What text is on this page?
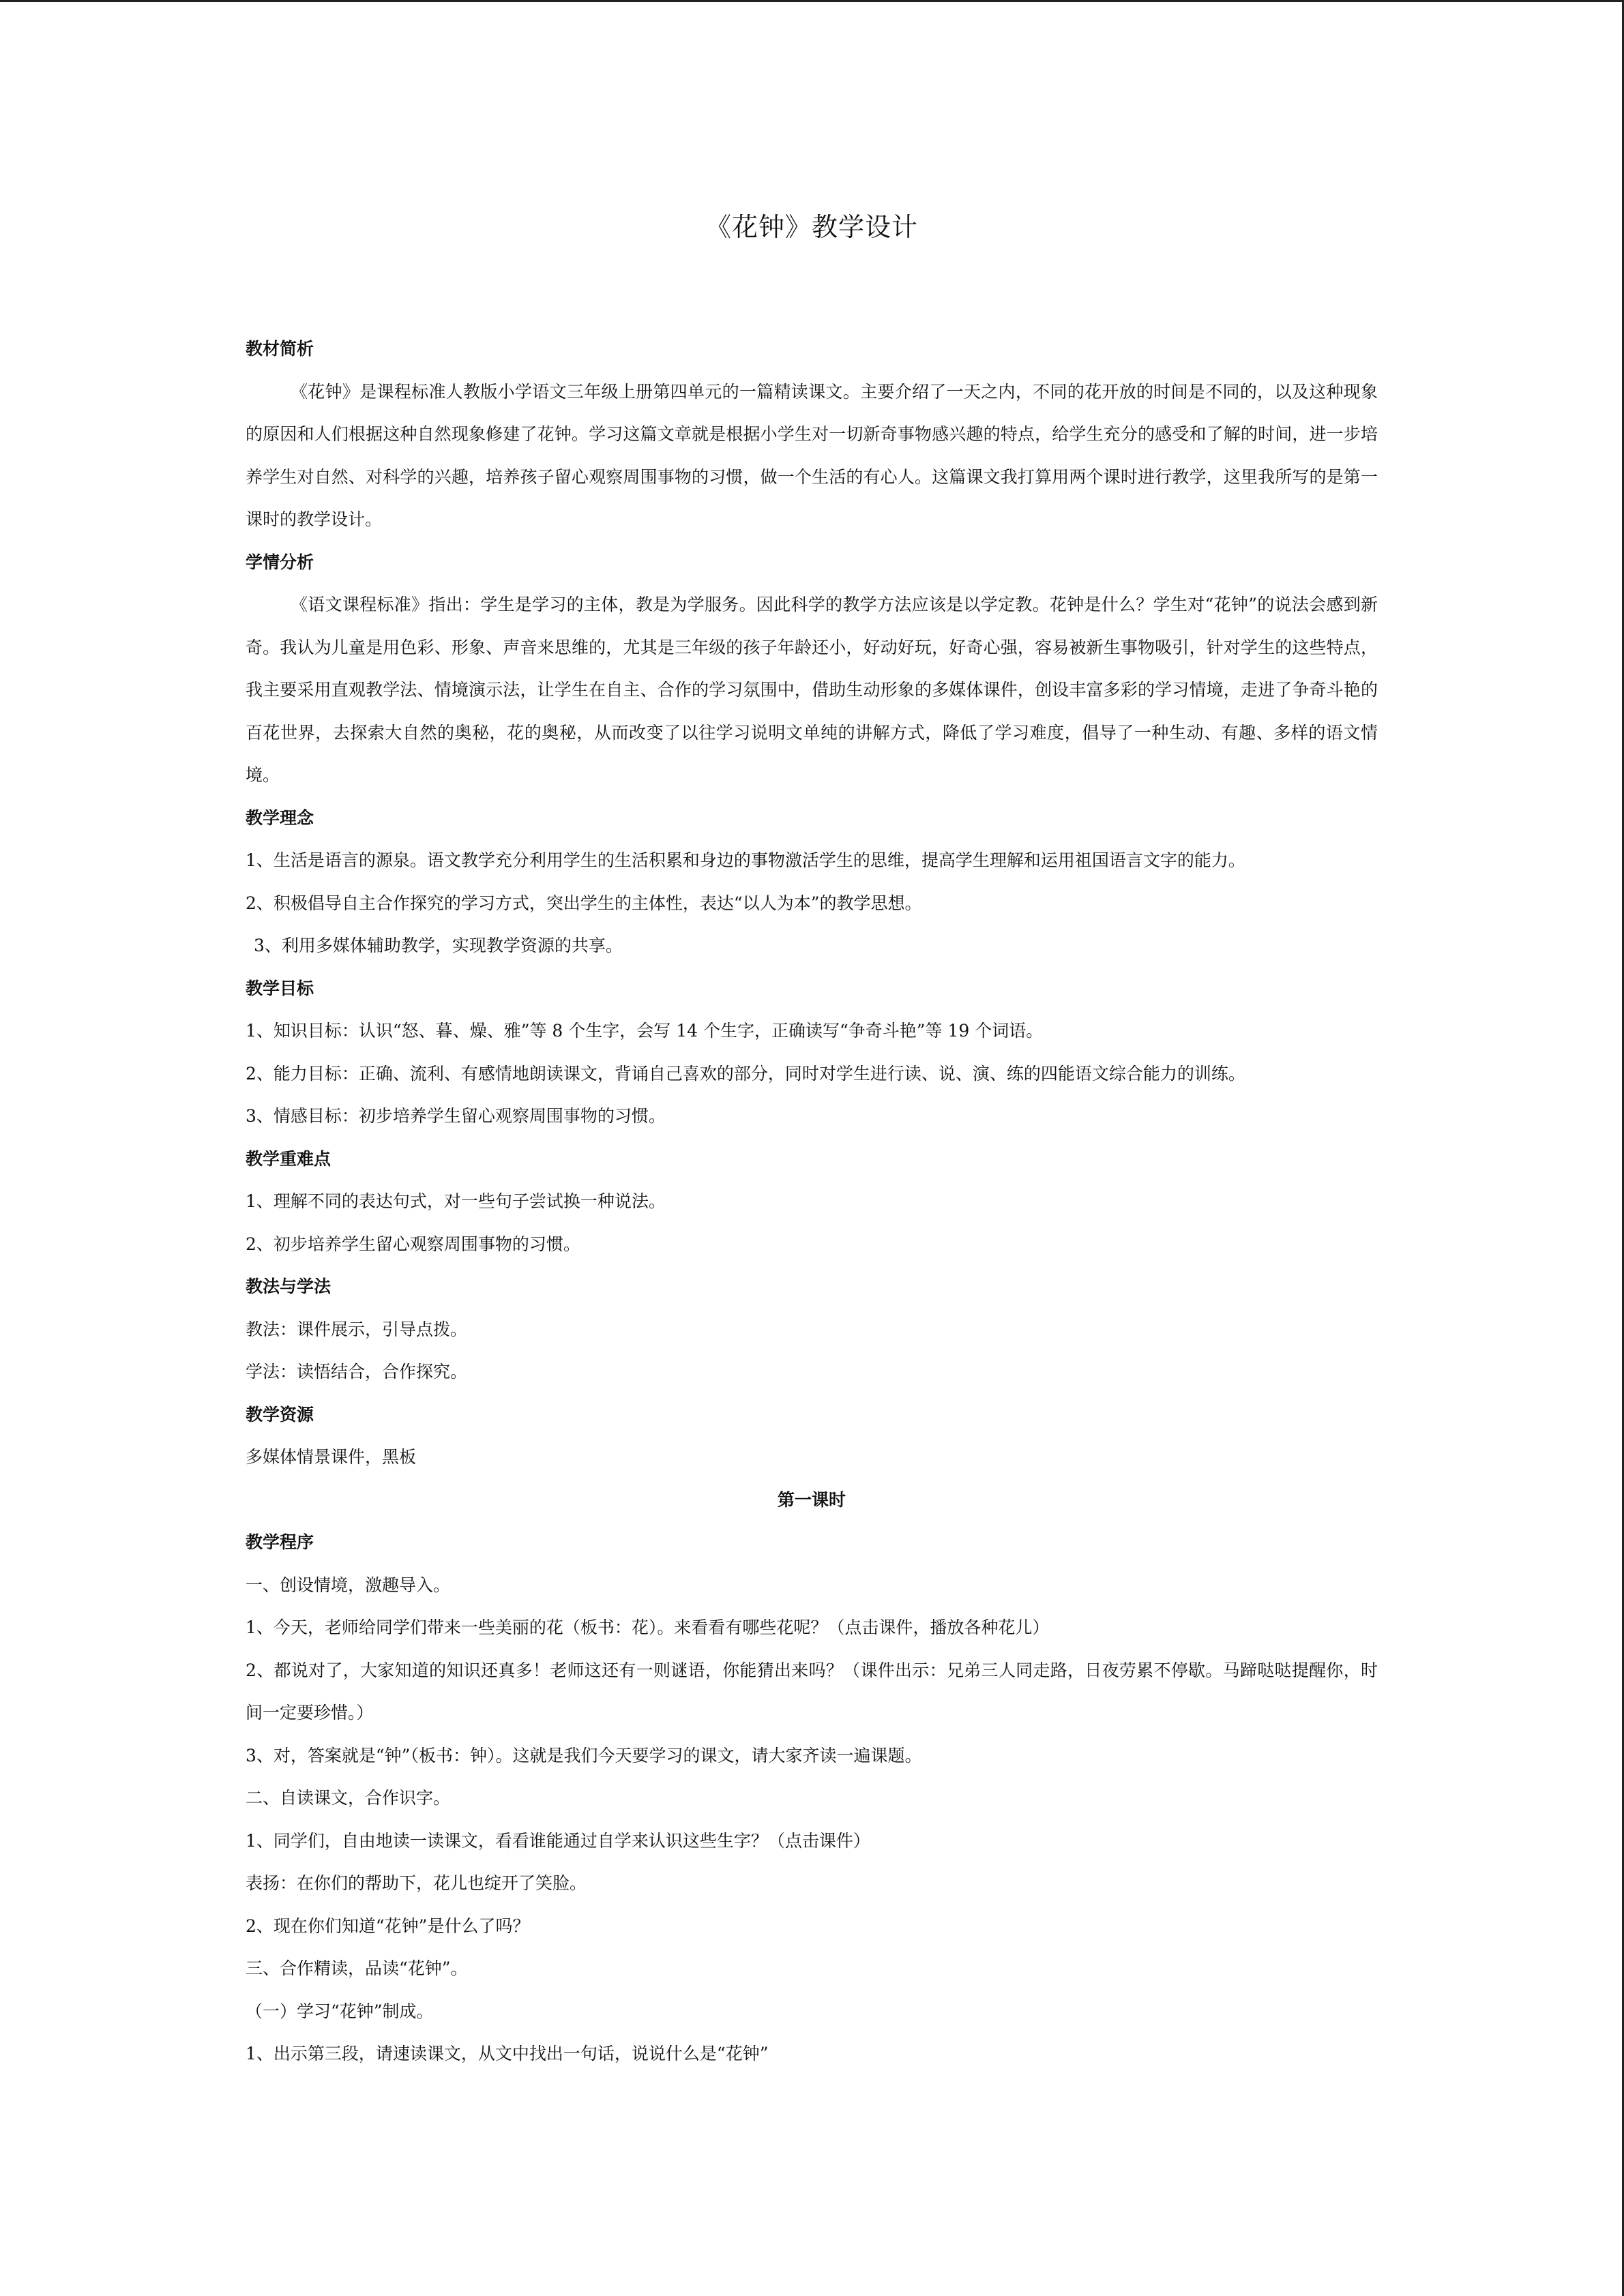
《花钟》教学设计
教材简析
《花钟》是课程标准人教版小学语文三年级上册第四单元的一篇精读课文。主要介绍了一天之内，不同的花开放的时间是不同的，以及这种现象的原因和人们根据这种自然现象修建了花钟。学习这篇文章就是根据小学生对一切新奇事物感兴趣的特点，给学生充分的感受和了解的时间，进一步培养学生对自然、对科学的兴趣，培养孩子留心观察周围事物的习惯，做一个生活的有心人。这篇课文我打算用两个课时进行教学，这里我所写的是第一课时的教学设计。
学情分析
《语文课程标准》指出：学生是学习的主体，教是为学服务。因此科学的教学方法应该是以学定教。花钟是什么？学生对“花钟”的说法会感到新奇。我认为儿童是用色彩、形象、声音来思维的，尤其是三年级的孩子年龄还小，好动好玩，好奇心强，容易被新生事物吸引，针对学生的这些特点，我主要采用直观教学法、情境演示法，让学生在自主、合作的学习氛围中，借助生动形象的多媒体课件，创设丰富多彩的学习情境，走进了争奇斗艳的百花世界，去探索大自然的奥秘，花的奥秘，从而改变了以往学习说明文单纯的讲解方式，降低了学习难度，倡导了一种生动、有趣、多样的语文情境。
教学理念
1、生活是语言的源泉。语文教学充分利用学生的生活积累和身边的事物激活学生的思维，提高学生理解和运用祖国语言文字的能力。
2、积极倡导自主合作探究的学习方式，突出学生的主体性，表达“以人为本”的教学思想。
3、利用多媒体辅助教学，实现教学资源的共享。
教学目标
1、知识目标：认识“怒、暮、燥、雅”等 8 个生字，会写 14 个生字，正确读写“争奇斗艳”等 19 个词语。
2、能力目标：正确、流利、有感情地朗读课文，背诵自己喜欢的部分，同时对学生进行读、说、演、练的四能语文综合能力的训练。
3、情感目标：初步培养学生留心观察周围事物的习惯。
教学重难点
1、理解不同的表达句式，对一些句子尝试换一种说法。
2、初步培养学生留心观察周围事物的习惯。
教法与学法
教法：课件展示，引导点拨。
学法：读悟结合，合作探究。
教学资源
多媒体情景课件，黑板
第一课时
教学程序
一、创设情境，激趣导入。
1、今天，老师给同学们带来一些美丽的花（板书：花）。来看看有哪些花呢？（点击课件，播放各种花儿）
2、都说对了，大家知道的知识还真多！老师这还有一则谜语，你能猜出来吗？（课件出示：兄弟三人同走路，日夜劳累不停歇。马蹄哒哒提醒你，时间一定要珍惜。）
3、对，答案就是“钟”（板书：钟）。这就是我们今天要学习的课文，请大家齐读一遍课题。
二、自读课文，合作识字。
1、同学们，自由地读一读课文，看看谁能通过自学来认识这些生字？（点击课件）
表扬：在你们的帮助下，花儿也绽开了笑脸。
2、现在你们知道“花钟”是什么了吗？
三、合作精读，品读“花钟”。
（一）学习“花钟”制成。
1、出示第三段，请速读课文，从文中找出一句话，说说什么是“花钟”
